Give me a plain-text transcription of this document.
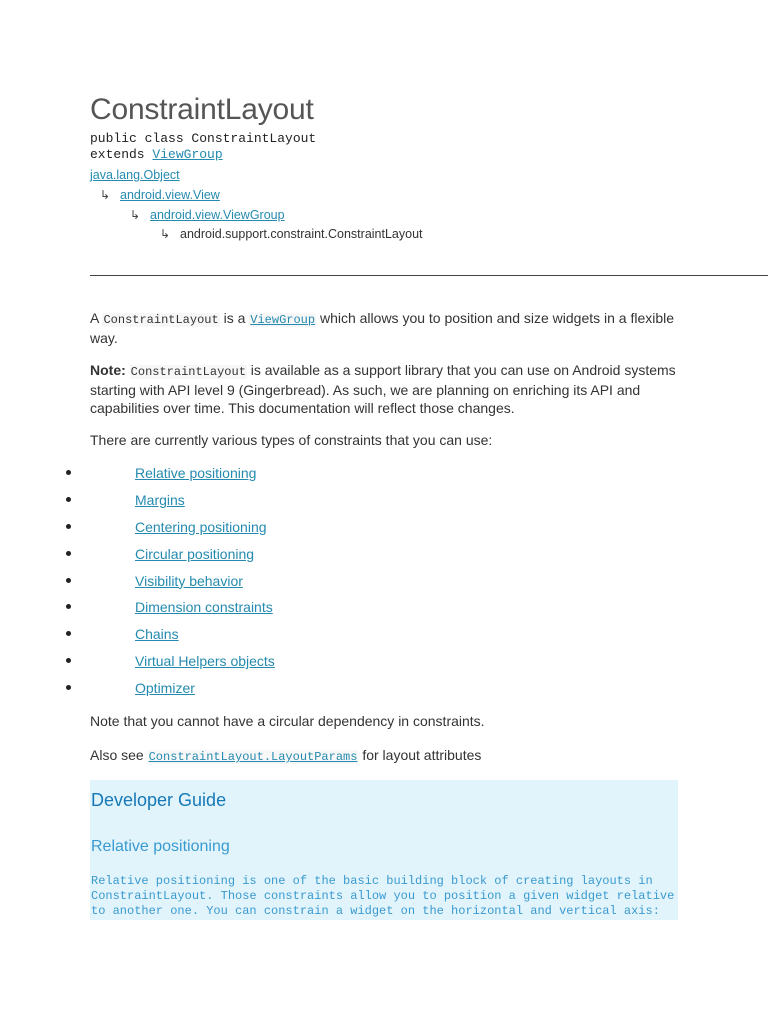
ConstraintLayout
public class ConstraintLayout
extends ViewGroup
java.lang.Object
↳ android.view.View
↳ android.view.ViewGroup
↳ android.support.constraint.ConstraintLayout

A ConstraintLayout is a ViewGroup which allows you to position and size widgets in a flexible way.

Note: ConstraintLayout is available as a support library that you can use on Android systems starting with API level 9 (Gingerbread). As such, we are planning on enriching its API and capabilities over time. This documentation will reflect those changes.

There are currently various types of constraints that you can use:

Relative positioning
Margins
Centering positioning
Circular positioning
Visibility behavior
Dimension constraints
Chains
Virtual Helpers objects
Optimizer

Note that you cannot have a circular dependency in constraints.

Also see ConstraintLayout.LayoutParams for layout attributes

Developer Guide
Relative positioning

Relative positioning is one of the basic building block of creating layouts in ConstraintLayout. Those constraints allow you to position a given widget relative to another one. You can constrain a widget on the horizontal and vertical axis:
